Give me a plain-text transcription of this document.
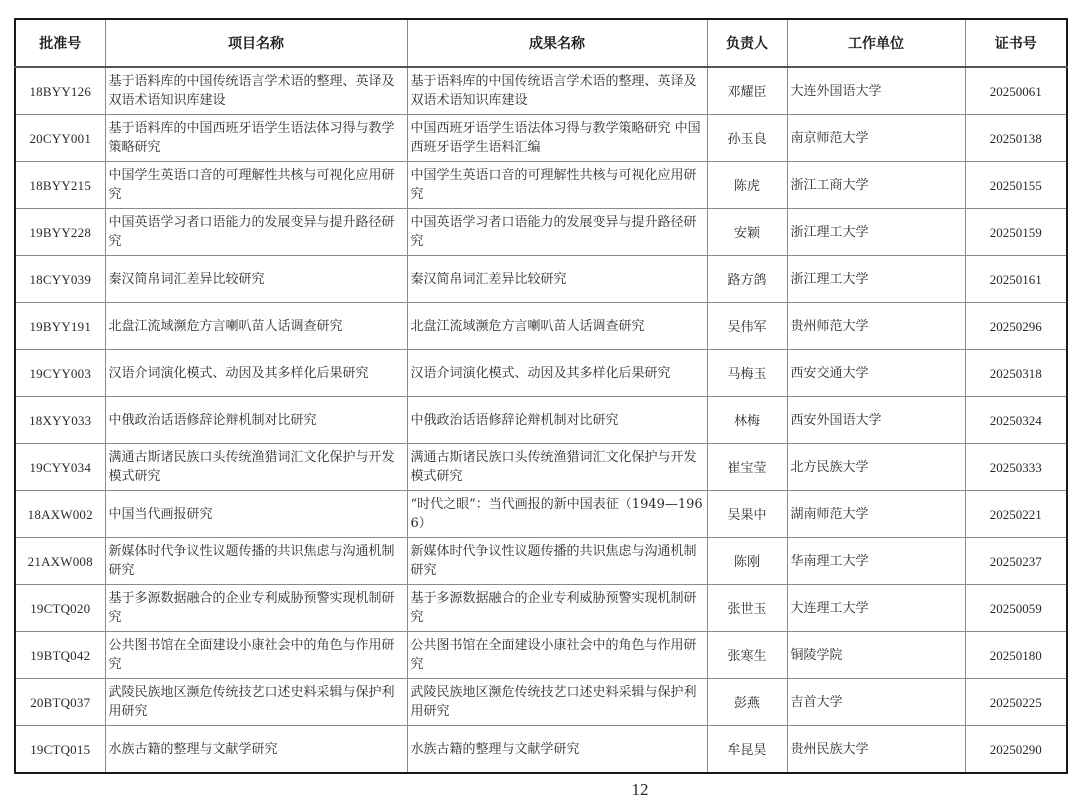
批准号	项目名称	成果名称	负责人	工作单位	证书号
18BYY126	基于语料库的中国传统语言学术语的整理、英译及双语术语知识库建设	基于语料库的中国传统语言学术语的整理、英译及双语术语知识库建设	邓耀臣	大连外国语大学	20250061
20CYY001	基于语料库的中国西班牙语学生语法体习得与教学策略研究	中国西班牙语学生语法体习得与教学策略研究 中国西班牙语学生语料汇编	孙玉良	南京师范大学	20250138
18BYY215	中国学生英语口音的可理解性共核与可视化应用研究	中国学生英语口音的可理解性共核与可视化应用研究	陈虎	浙江工商大学	20250155
19BYY228	中国英语学习者口语能力的发展变异与提升路径研究	中国英语学习者口语能力的发展变异与提升路径研究	安颖	浙江理工大学	20250159
18CYY039	秦汉简帛词汇差异比较研究	秦汉简帛词汇差异比较研究	路方鸽	浙江理工大学	20250161
19BYY191	北盘江流域濒危方言喇叭苗人话调查研究	北盘江流域濒危方言喇叭苗人话调查研究	吴伟军	贵州师范大学	20250296
19CYY003	汉语介词演化模式、动因及其多样化后果研究	汉语介词演化模式、动因及其多样化后果研究	马梅玉	西安交通大学	20250318
18XYY033	中俄政治话语修辞论辩机制对比研究	中俄政治话语修辞论辩机制对比研究	林梅	西安外国语大学	20250324
19CYY034	满通古斯诸民族口头传统渔猎词汇文化保护与开发模式研究	满通古斯诸民族口头传统渔猎词汇文化保护与开发模式研究	崔宝莹	北方民族大学	20250333
18AXW002	中国当代画报研究	“时代之眼”：当代画报的新中国表征（1949—1966）	吴果中	湖南师范大学	20250221
21AXW008	新媒体时代争议性议题传播的共识焦虑与沟通机制研究	新媒体时代争议性议题传播的共识焦虑与沟通机制研究	陈刚	华南理工大学	20250237
19CTQ020	基于多源数据融合的企业专利威胁预警实现机制研究	基于多源数据融合的企业专利威胁预警实现机制研究	张世玉	大连理工大学	20250059
19BTQ042	公共图书馆在全面建设小康社会中的角色与作用研究	公共图书馆在全面建设小康社会中的角色与作用研究	张寒生	铜陵学院	20250180
20BTQ037	武陵民族地区濒危传统技艺口述史料采辑与保护利用研究	武陵民族地区濒危传统技艺口述史料采辑与保护利用研究	彭燕	吉首大学	20250225
19CTQ015	水族古籍的整理与文献学研究	水族古籍的整理与文献学研究	牟昆昊	贵州民族大学	20250290
12
